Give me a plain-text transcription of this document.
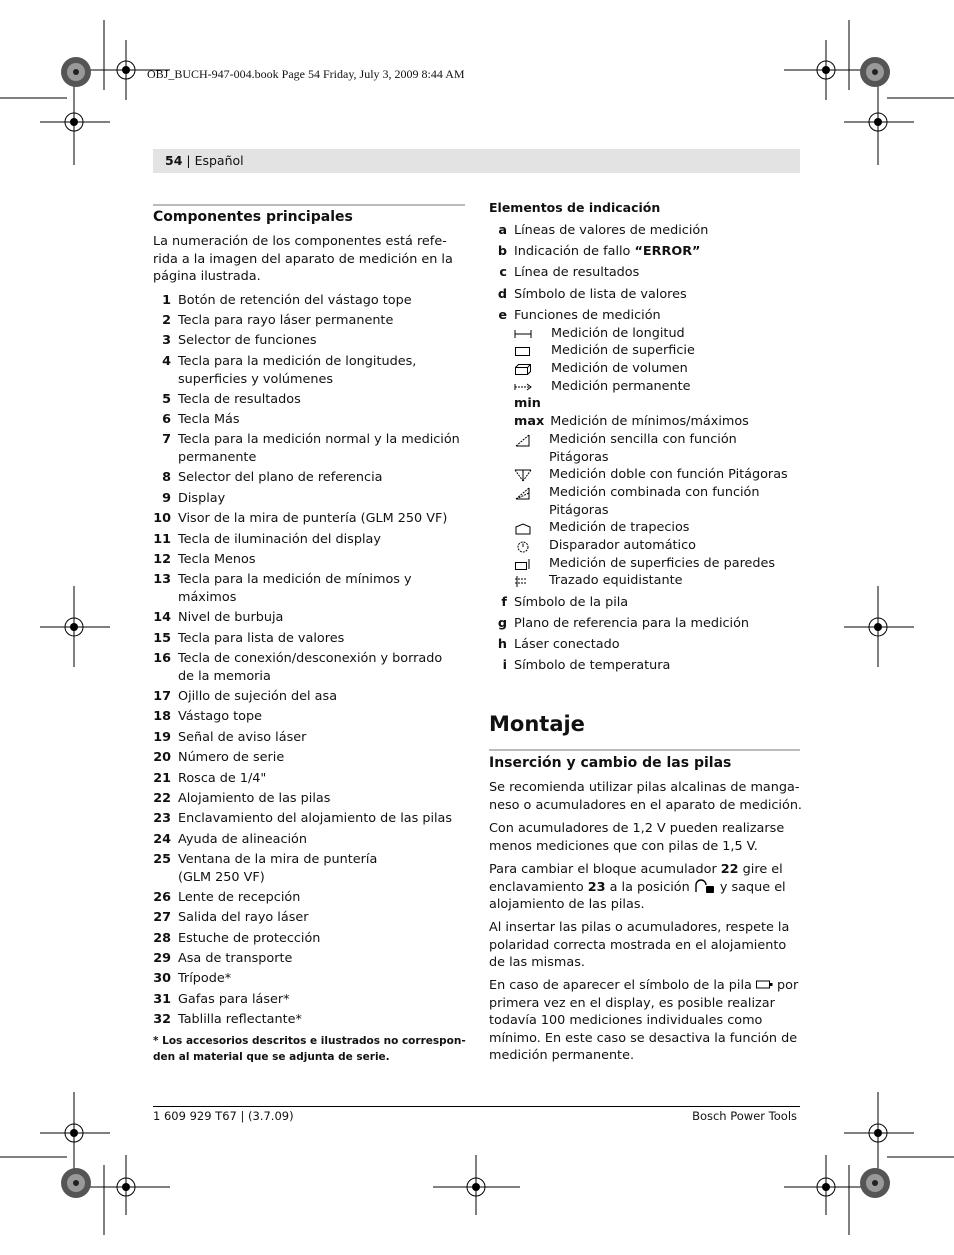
OBJ_BUCH-947-004.book Page 54 Friday, July 3, 2009 8:44 AM
54 | Español
Componentes principales
La numeración de los componentes está refe-
rida a la imagen del aparato de medición en la
página ilustrada.
1 Botón de retención del vástago tope
2 Tecla para rayo láser permanente
3 Selector de funciones
4 Tecla para la medición de longitudes,
superficies y volúmenes
5 Tecla de resultados
6 Tecla Más
7 Tecla para la medición normal y la medición
permanente
8 Selector del plano de referencia
9 Display
10 Visor de la mira de puntería (GLM 250 VF)
11 Tecla de iluminación del display
12 Tecla Menos
13 Tecla para la medición de mínimos y
máximos
14 Nivel de burbuja
15 Tecla para lista de valores
16 Tecla de conexión/desconexión y borrado
de la memoria
17 Ojillo de sujeción del asa
18 Vástago tope
19 Señal de aviso láser
20 Número de serie
21 Rosca de 1/4"
22 Alojamiento de las pilas
23 Enclavamiento del alojamiento de las pilas
24 Ayuda de alineación
25 Ventana de la mira de puntería
(GLM 250 VF)
26 Lente de recepción
27 Salida del rayo láser
28 Estuche de protección
29 Asa de transporte
30 Trípode*
31 Gafas para láser*
32 Tablilla reflectante*
* Los accesorios descritos e ilustrados no correspon-
den al material que se adjunta de serie.
Elementos de indicación
a Líneas de valores de medición
b Indicación de fallo “ERROR”
c Línea de resultados
d Símbolo de lista de valores
e Funciones de medición
Medición de longitud
Medición de superficie
Medición de volumen
Medición permanente
min
max Medición de mínimos/máximos
Medición sencilla con función
Pitágoras
Medición doble con función Pitágoras
Medición combinada con función
Pitágoras
Medición de trapecios
Disparador automático
Medición de superficies de paredes
Trazado equidistante
f Símbolo de la pila
g Plano de referencia para la medición
h Láser conectado
i Símbolo de temperatura
Montaje
Inserción y cambio de las pilas
Se recomienda utilizar pilas alcalinas de manga-
neso o acumuladores en el aparato de medición.
Con acumuladores de 1,2 V pueden realizarse
menos mediciones que con pilas de 1,5 V.
Para cambiar el bloque acumulador 22 gire el
enclavamiento 23 a la posición  y saque el
alojamiento de las pilas.
Al insertar las pilas o acumuladores, respete la
polaridad correcta mostrada en el alojamiento
de las mismas.
En caso de aparecer el símbolo de la pila  por
primera vez en el display, es posible realizar
todavía 100 mediciones individuales como
mínimo. En este caso se desactiva la función de
medición permanente.
1 609 929 T67 | (3.7.09)	Bosch Power Tools
